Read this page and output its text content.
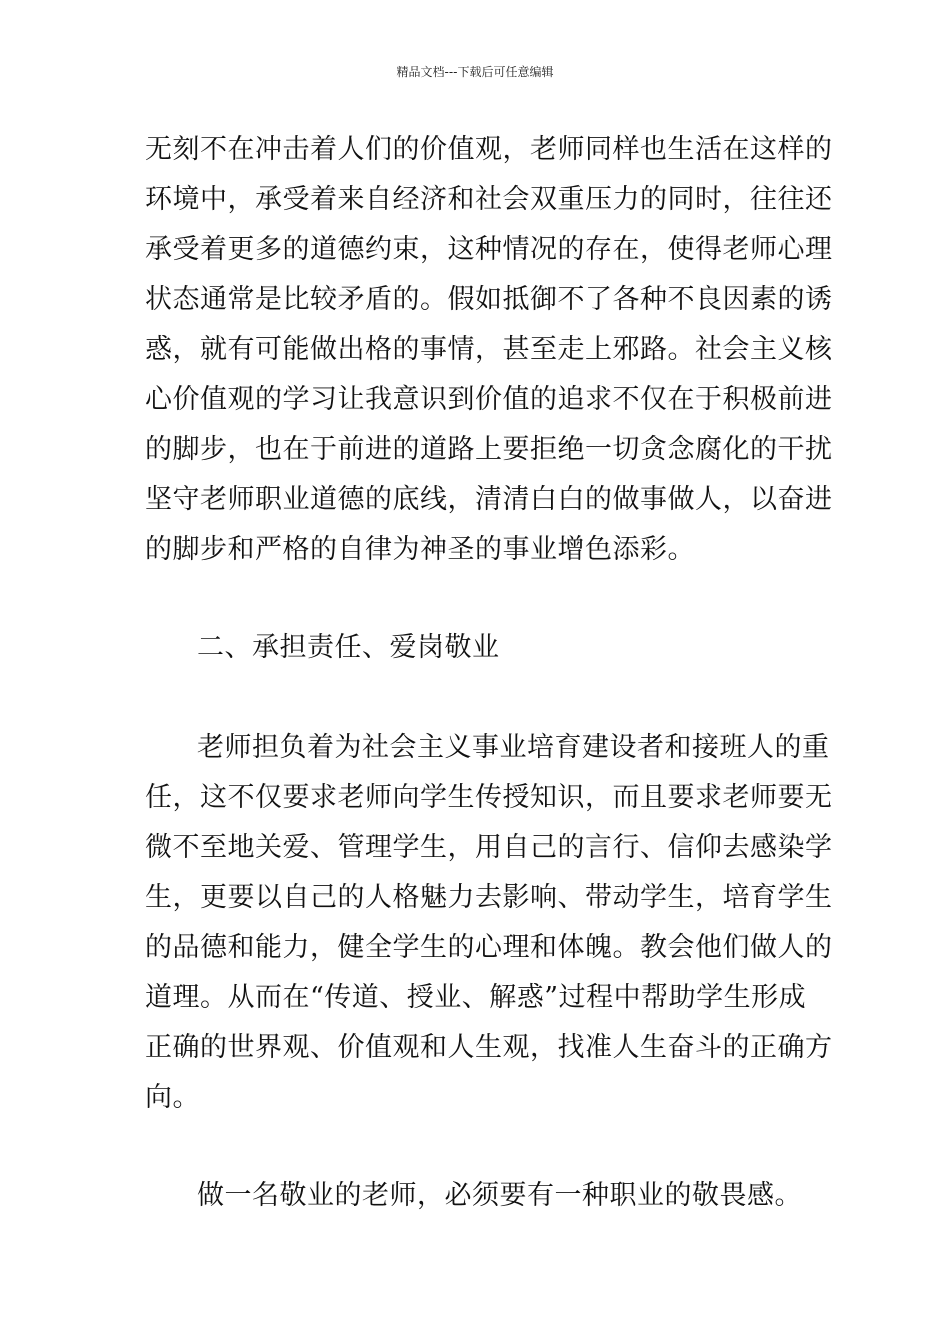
精品文档---下载后可任意编辑
无刻不在冲击着人们的价值观，老师同样也生活在这样的
环境中，承受着来自经济和社会双重压力的同时，往往还
承受着更多的道德约束，这种情况的存在，使得老师心理
状态通常是比较矛盾的。假如抵御不了各种不良因素的诱
惑，就有可能做出格的事情，甚至走上邪路。社会主义核
心价值观的学习让我意识到价值的追求不仅在于积极前进
的脚步，也在于前进的道路上要拒绝一切贪念腐化的干扰
坚守老师职业道德的底线，清清白白的做事做人，以奋进
的脚步和严格的自律为神圣的事业增色添彩。
二、承担责任、爱岗敬业
老师担负着为社会主义事业培育建设者和接班人的重
任，这不仅要求老师向学生传授知识，而且要求老师要无
微不至地关爱、管理学生，用自己的言行、信仰去感染学
生，更要以自己的人格魅力去影响、带动学生，培育学生
的品德和能力，健全学生的心理和体魄。教会他们做人的
道理。从而在“传道、授业、解惑”过程中帮助学生形成
正确的世界观、价值观和人生观，找准人生奋斗的正确方
向。
做一名敬业的老师，必须要有一种职业的敬畏感。
